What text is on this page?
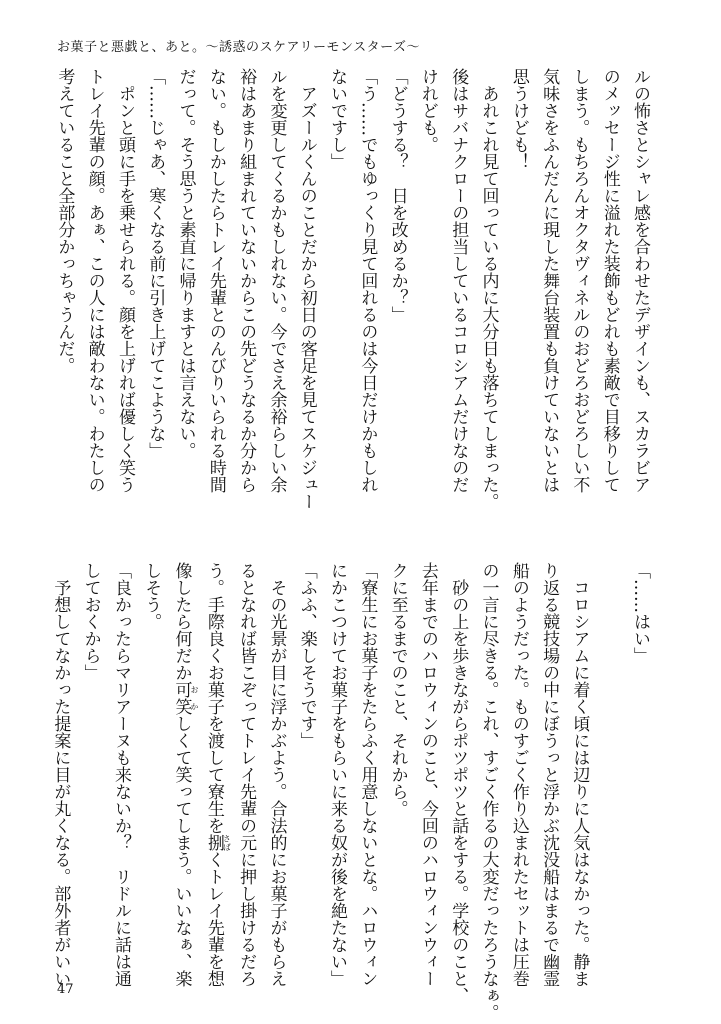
お菓子と悪戯と、あと。～誘惑のスケアリーモンスターズ～
ルの怖さとシャレ感を合わせたデザインも、スカラビア
のメッセージ性に溢れた装飾もどれも素敵で目移りして
しまう。もちろんオクタヴィネルのおどろおどろしい不
気味さをふんだんに現した舞台装置も負けていないとは
思うけども！
　あれこれ見て回っている内に大分日も落ちてしまった。
後はサバナクローの担当しているコロシアムだけなのだ
けれども。
「どうする？　日を改めるか？」
「う……でもゆっくり見て回れるのは今日だけかもしれ
ないですし」
　アズールくんのことだから初日の客足を見てスケジュー
ルを変更してくるかもしれない。今でさえ余裕らしい余
裕はあまり組まれていないからこの先どうなるか分から
ない。もしかしたらトレイ先輩とのんびりいられる時間
だって。そう思うと素直に帰りますとは言えない。
「……じゃあ、寒くなる前に引き上げてこような」
　ポンと頭に手を乗せられる。顔を上げれば優しく笑う
トレイ先輩の顔。あぁ、この人には敵わない。わたしの
考えていること全部分かっちゃうんだ。
「……はい」
　コロシアムに着く頃には辺りに人気はなかった。静ま
り返る競技場の中にぼうっと浮かぶ沈没船はまるで幽霊
船のようだった。ものすごく作り込まれたセットは圧巻
の一言に尽きる。これ、すごく作るの大変だったろうなぁ。
　砂の上を歩きながらポツポツと話をする。学校のこと、
去年までのハロウィンのこと、今回のハロウィンウィー
クに至るまでのこと、それから。
「寮生にお菓子をたらふく用意しないとな。ハロウィン
にかこつけてお菓子をもらいに来る奴が後を絶たない」
「ふふ、楽しそうです」
　その光景が目に浮かぶよう。合法的にお菓子がもらえ
るとなれば皆こぞってトレイ先輩の元に押し掛けるだろ
う。手際良くお菓子を渡して寮生を捌さばくトレイ先輩を想
像したら何だか可笑おかしくて笑ってしまう。いいなぁ、楽
しそう。
「良かったらマリアーヌも来ないか？　リドルに話は通
しておくから」
　予想してなかった提案に目が丸くなる。部外者がいい
47
